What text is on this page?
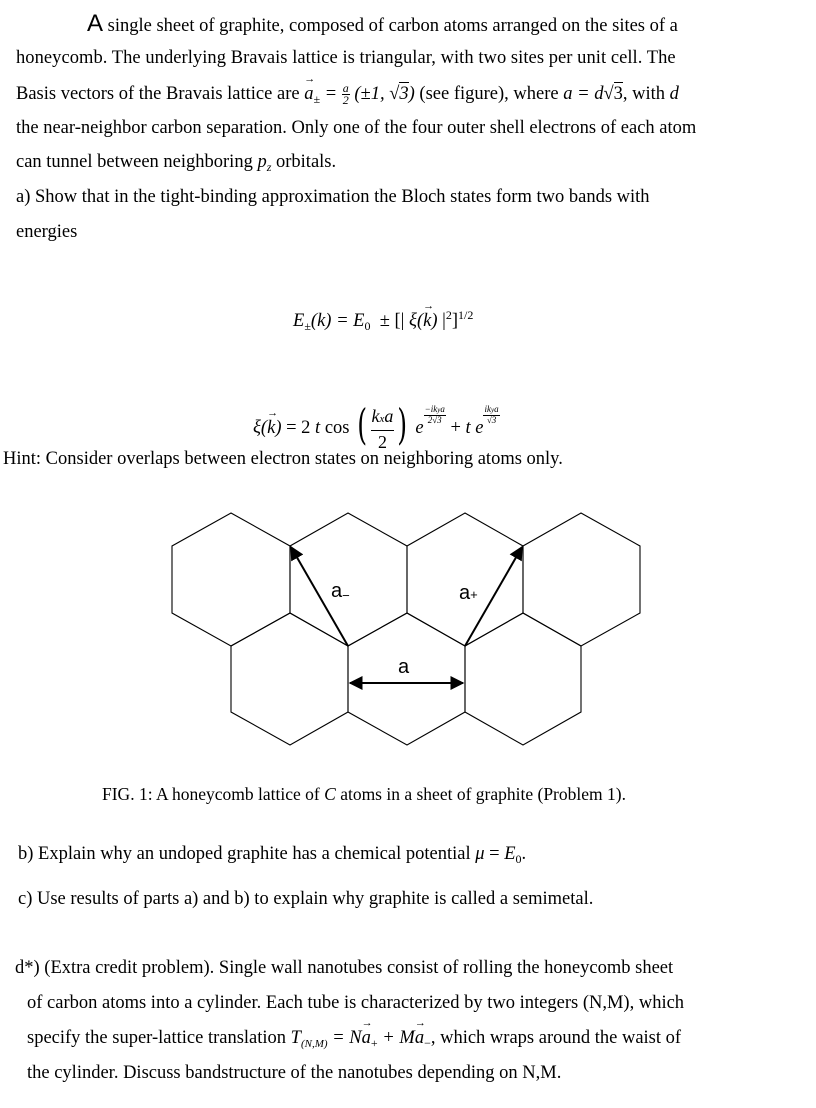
A single sheet of graphite, composed of carbon atoms arranged on the sites of a
honeycomb. The underlying Bravais lattice is triangular, with two sites per unit cell. The
Basis vectors of the Bravais lattice are → $a_\pm = \frac{a}{2} (\pm 1$, √3) (see figure), where a = d√3, with d
the near-neighbor carbon separation. Only one of the four outer shell electrons of each atom
can tunnel between neighboring $p_z$ orbitals.
a) Show that in the tight-binding approximation the Bloch states form two bands with
energies
$E_\pm(k) = E_0$ ± [| ξ(→ k) $|^2]^{1/2}$
ξ(→ k) = 2 t cos ( $\frac{\text{kxa}}{2}$ ) e
$\frac{\text{−ikya}}{2√3}$
+ t e
$\frac{\text{ikya}}{√3}$
Hint: Consider overlaps between electron states on neighboring atoms only.
a−	a+
a
FIG. 1: A honeycomb lattice of C atoms in a sheet of graphite (Problem 1).
b) Explain why an undoped graphite has a chemical potential $\mu = E_0$.
c) Use results of parts a) and b) to explain why graphite is called a semimetal.
d*) (Extra credit problem). Single wall nanotubes consist of rolling the honeycomb sheet
of carbon atoms into a cylinder. Each tube is characterized by two integers (N,M), which
specify the super-lattice translation $T_{(N,M)} = N\to a_+ + M\to a_-$, which wraps around the waist of
the cylinder. Discuss bandstructure of the nanotubes depending on N,M.
